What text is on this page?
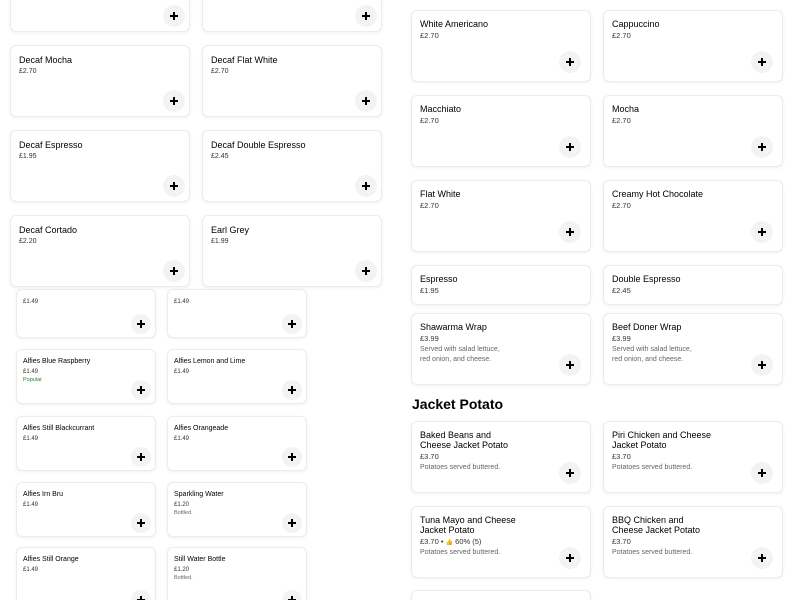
Decaf Mocha
£2.70
Decaf Flat White
£2.70
Decaf Espresso
£1.95
Decaf Double Espresso
£2.45
Decaf Cortado
£2.20
Earl Grey
£1.99
£1.49	£1.49
Alfies Blue Raspberry
£1.49
Popular
Alfies Lemon and Lime
£1.49
Alfies Still Blackcurrant
£1.49
Alfies Orangeade
£1.49
Alfies Irn Bru
£1.49
Sparkling Water
£1.20
Bottled.
Alfies Still Orange
£1.49
Still Water Bottle
£1.20
Bottled.
White Americano
£2.70
Cappuccino
£2.70
Macchiato
£2.70
Mocha
£2.70
Flat White
£2.70
Creamy Hot Chocolate
£2.70
Espresso
£1.95
Double Espresso
£2.45
Shawarma Wrap
£3.99
Served with salad lettuce,
red onion, and cheese.
Beef Doner Wrap
£3.99
Served with salad lettuce,
red onion, and cheese.
Jacket Potato
Baked Beans and
Cheese Jacket Potato
£3.70
Potatoes served buttered.
Piri Chicken and Cheese
Jacket Potato
£3.70
Potatoes served buttered.
Tuna Mayo and Cheese
Jacket Potato
£3.70 • 👍 60% (5)
Potatoes served buttered.
BBQ Chicken and
Cheese Jacket Potato
£3.70
Potatoes served buttered.
